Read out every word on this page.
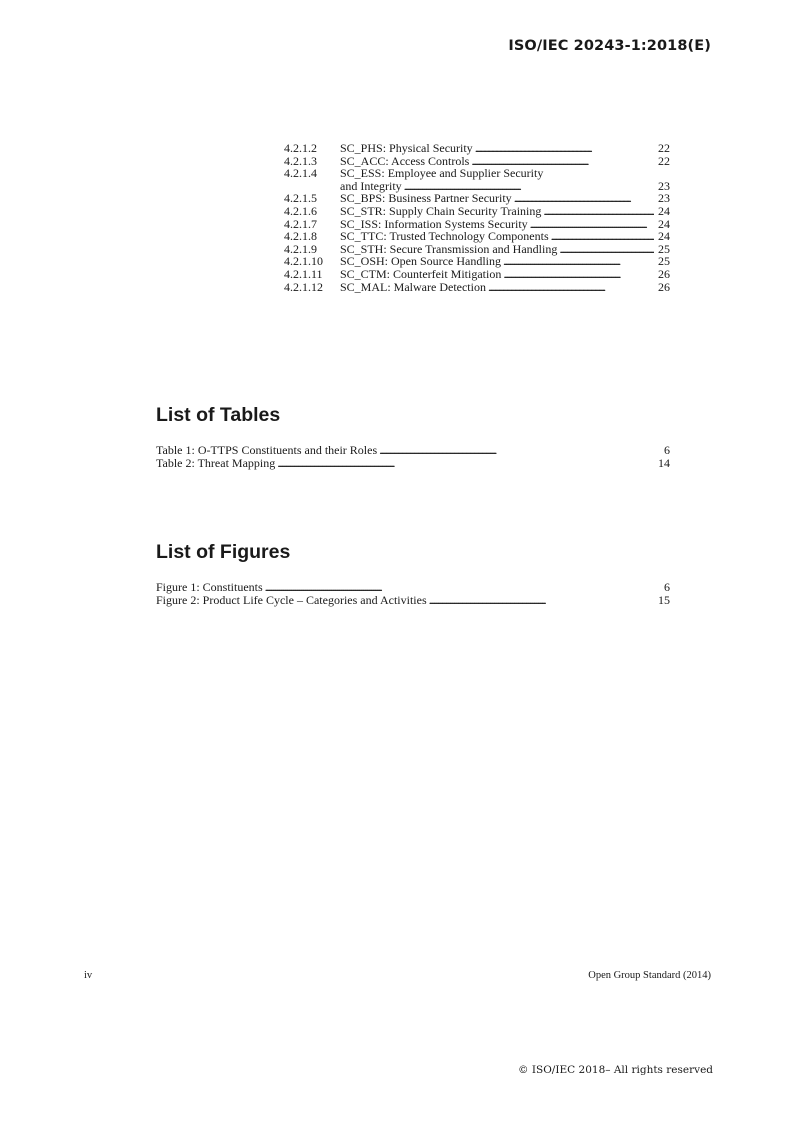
ISO/IEC 20243-1:2018(E)
4.2.1.2	SC_PHS: Physical Security . . .	22
4.2.1.3	SC_ACC: Access Controls . . .	22
4.2.1.4	SC_ESS: Employee and Supplier Security
and Integrity . . .	23
4.2.1.5	SC_BPS: Business Partner Security . . .	23
4.2.1.6	SC_STR: Supply Chain Security Training . . .	24
4.2.1.7	SC_ISS: Information Systems Security . . .	24
4.2.1.8	SC_TTC: Trusted Technology Components . . .	24
4.2.1.9	SC_STH: Secure Transmission and Handling . . .	25
4.2.1.10	SC_OSH: Open Source Handling . . .	25
4.2.1.11	SC_CTM: Counterfeit Mitigation . . .	26
4.2.1.12	SC_MAL: Malware Detection . . .	26
List of Tables
Table 1: O-TTPS Constituents and their Roles . . .	6
Table 2: Threat Mapping . . .	14
List of Figures
Figure 1: Constituents . . .	6
Figure 2: Product Life Cycle – Categories and Activities . . .	15
iv	Open Group Standard (2014)
© ISO/IEC 2018– All rights reserved
